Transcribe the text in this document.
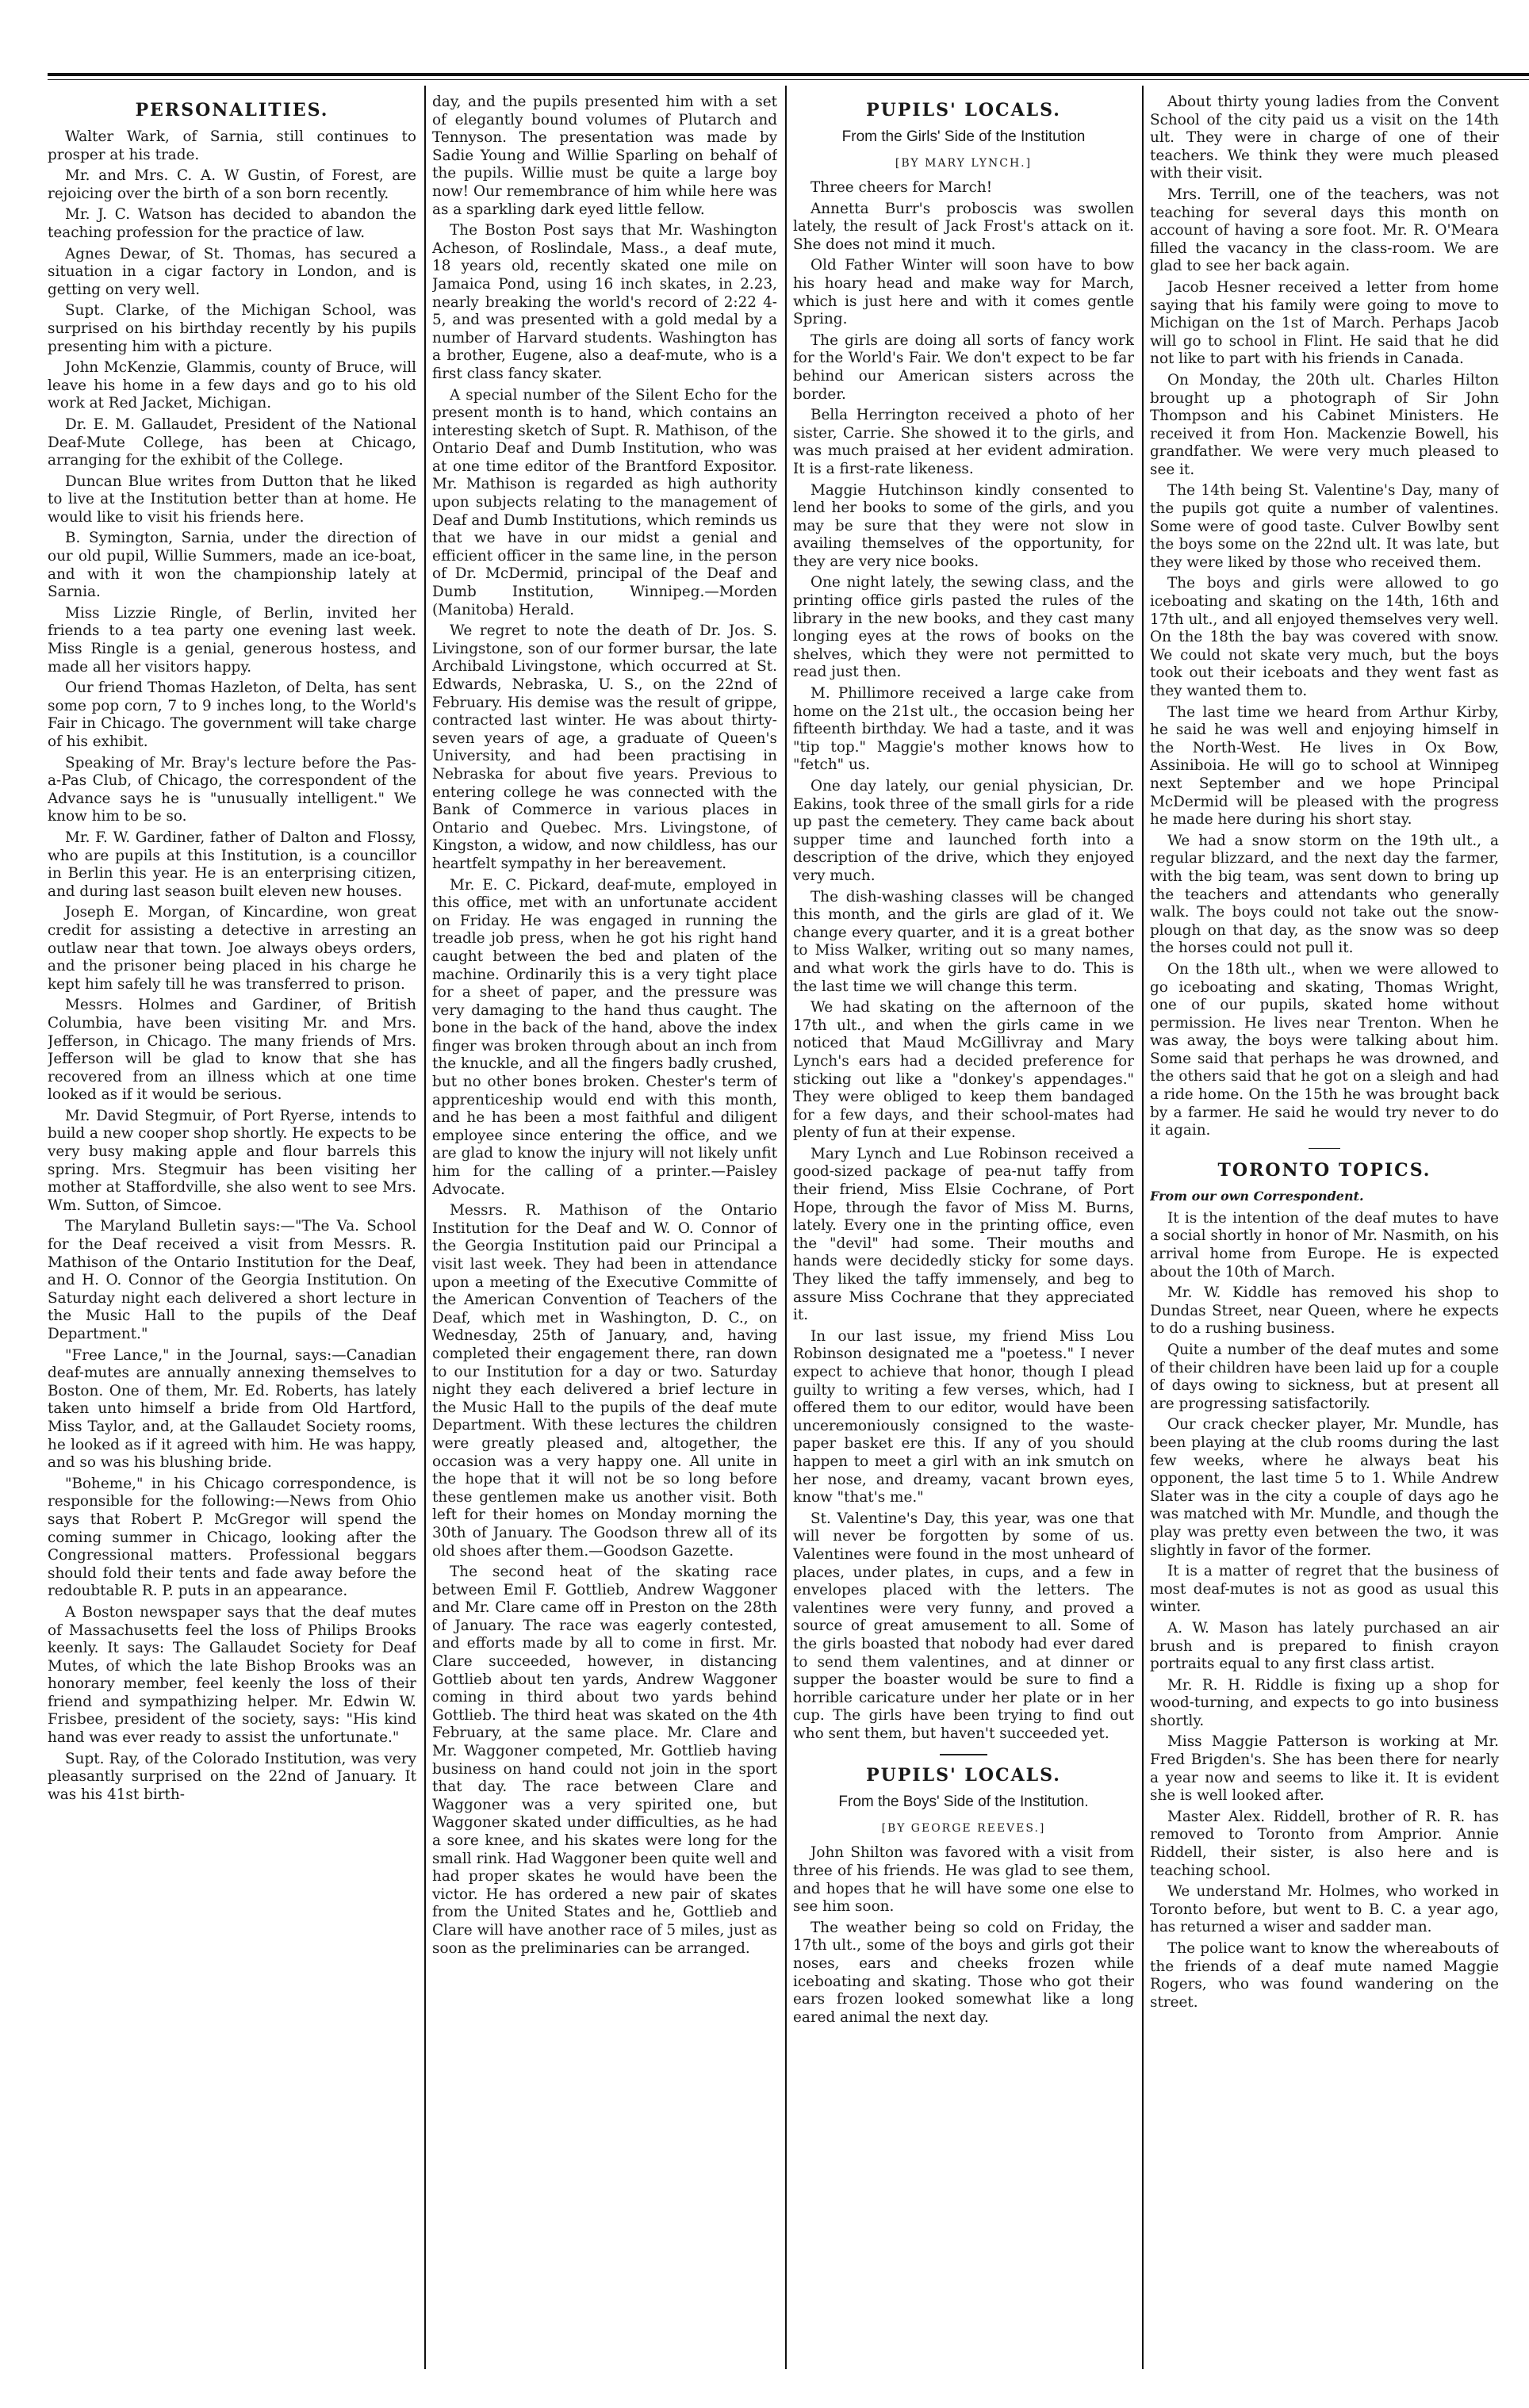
PERSONALITIES.

Walter Wark, of Sarnia, still continues to prosper at his trade.

Mr. and Mrs. C. A. W Gustin, of Forest, are rejoicing over the birth of a son born recently.

Mr. J. C. Watson has decided to abandon the teaching profession for the practice of law.

Agnes Dewar, of St. Thomas, has secured a situation in a cigar factory in London, and is getting on very well.

Supt. Clarke, of the Michigan School, was surprised on his birthday recently by his pupils presenting him with a picture.

John McKenzie, Glammis, county of Bruce, will leave his home in a few days and go to his old work at Red Jacket, Michigan.

Dr. E. M. Gallaudet, President of the National Deaf-Mute College, has been at Chicago, arranging for the exhibit of the College.

Duncan Blue writes from Dutton that he liked to live at the Institution better than at home. He would like to visit his friends here.

B. Symington, Sarnia, under the direction of our old pupil, Willie Summers, made an ice-boat, and with it won the championship lately at Sarnia.

Miss Lizzie Ringle, of Berlin, invited her friends to a tea party one evening last week. Miss Ringle is a genial, generous hostess, and made all her visitors happy.

Our friend Thomas Hazleton, of Delta, has sent some pop corn, 7 to 9 inches long, to the World's Fair in Chicago. The government will take charge of his exhibit.

Speaking of Mr. Bray's lecture before the Pas-a-Pas Club, of Chicago, the correspondent of the Advance says he is "unusually intelligent." We know him to be so.

Mr. F. W. Gardiner, father of Dalton and Flossy, who are pupils at this Institution, is a councillor in Berlin this year. He is an enterprising citizen, and during last season built eleven new houses.

Joseph E. Morgan, of Kincardine, won great credit for assisting a detective in arresting an outlaw near that town. Joe always obeys orders, and the prisoner being placed in his charge he kept him safely till he was transferred to prison.

Messrs. Holmes and Gardiner, of British Columbia, have been visiting Mr. and Mrs. Jefferson, in Chicago. The many friends of Mrs. Jefferson will be glad to know that she has recovered from an illness which at one time looked as if it would be serious.

Mr. David Stegmuir, of Port Ryerse, intends to build a new cooper shop shortly. He expects to be very busy making apple and flour barrels this spring. Mrs. Stegmuir has been visiting her mother at Staffordville, she also went to see Mrs. Wm. Sutton, of Simcoe.

The Maryland Bulletin says:—"The Va. School for the Deaf received a visit from Messrs. R. Mathison of the Ontario Institution for the Deaf, and H. O. Connor of the Georgia Institution. On Saturday night each delivered a short lecture in the Music Hall to the pupils of the Deaf Department."

"Free Lance," in the Journal, says:—Canadian deaf-mutes are annually annexing themselves to Boston. One of them, Mr. Ed. Roberts, has lately taken unto himself a bride from Old Hartford, Miss Taylor, and, at the Gallaudet Society rooms, he looked as if it agreed with him. He was happy, and so was his blushing bride.

"Boheme," in his Chicago correspondence, is responsible for the following:—News from Ohio says that Robert P. McGregor will spend the coming summer in Chicago, looking after the Congressional matters. Professional beggars should fold their tents and fade away before the redoubtable R. P. puts in an appearance.

A Boston newspaper says that the deaf mutes of Massachusetts feel the loss of Philips Brooks keenly. It says: The Gallaudet Society for Deaf Mutes, of which the late Bishop Brooks was an honorary member, feel keenly the loss of their friend and sympathizing helper. Mr. Edwin W. Frisbee, president of the society, says: "His kind hand was ever ready to assist the unfortunate."

Supt. Ray, of the Colorado Institution, was very pleasantly surprised on the 22nd of January. It was his 41st birth-

day, and the pupils presented him with a set of elegantly bound volumes of Plutarch and Tennyson. The presentation was made by Sadie Young and Willie Sparling on behalf of the pupils. Willie must be quite a large boy now! Our remembrance of him while here was as a sparkling dark eyed little fellow.

The Boston Post says that Mr. Washington Acheson, of Roslindale, Mass., a deaf mute, 18 years old, recently skated one mile on Jamaica Pond, using 16 inch skates, in 2.23, nearly breaking the world's record of 2:22 4-5, and was presented with a gold medal by a number of Harvard students. Washington has a brother, Eugene, also a deaf-mute, who is a first class fancy skater.

A special number of the Silent Echo for the present month is to hand, which contains an interesting sketch of Supt. R. Mathison, of the Ontario Deaf and Dumb Institution, who was at one time editor of the Brantford Expositor. Mr. Mathison is regarded as high authority upon subjects relating to the management of Deaf and Dumb Institutions, which reminds us that we have in our midst a genial and efficient officer in the same line, in the person of Dr. McDermid, principal of the Deaf and Dumb Institution, Winnipeg.—Morden (Manitoba) Herald.

We regret to note the death of Dr. Jos. S. Livingstone, son of our former bursar, the late Archibald Livingstone, which occurred at St. Edwards, Nebraska, U. S., on the 22nd of February. His demise was the result of grippe, contracted last winter. He was about thirty-seven years of age, a graduate of Queen's University, and had been practising in Nebraska for about five years. Previous to entering college he was connected with the Bank of Commerce in various places in Ontario and Quebec. Mrs. Livingstone, of Kingston, a widow, and now childless, has our heartfelt sympathy in her bereavement.

Mr. E. C. Pickard, deaf-mute, employed in this office, met with an unfortunate accident on Friday. He was engaged in running the treadle job press, when he got his right hand caught between the bed and platen of the machine. Ordinarily this is a very tight place for a sheet of paper, and the pressure was very damaging to the hand thus caught. The bone in the back of the hand, above the index finger was broken through about an inch from the knuckle, and all the fingers badly crushed, but no other bones broken. Chester's term of apprenticeship would end with this month, and he has been a most faithful and diligent employee since entering the office, and we are glad to know the injury will not likely unfit him for the calling of a printer.—Paisley Advocate.

Messrs. R. Mathison of the Ontario Institution for the Deaf and W. O. Connor of the Georgia Institution paid our Principal a visit last week. They had been in attendance upon a meeting of the Executive Committe of the American Convention of Teachers of the Deaf, which met in Washington, D. C., on Wednesday, 25th of January, and, having completed their engagement there, ran down to our Institution for a day or two. Saturday night they each delivered a brief lecture in the Music Hall to the pupils of the deaf mute Department. With these lectures the children were greatly pleased and, altogether, the occasion was a very happy one. All unite in the hope that it will not be so long before these gentlemen make us another visit. Both left for their homes on Monday morning the 30th of January. The Goodson threw all of its old shoes after them.—Goodson Gazette.

The second heat of the skating race between Emil F. Gottlieb, Andrew Waggoner and Mr. Clare came off in Preston on the 28th of January. The race was eagerly contested, and efforts made by all to come in first. Mr. Clare succeeded, however, in distancing Gottlieb about ten yards, Andrew Waggoner coming in third about two yards behind Gottlieb. The third heat was skated on the 4th February, at the same place. Mr. Clare and Mr. Waggoner competed, Mr. Gottlieb having business on hand could not join in the sport that day. The race between Clare and Waggoner was a very spirited one, but Waggoner skated under difficulties, as he had a sore knee, and his skates were long for the small rink. Had Waggoner been quite well and had proper skates he would have been the victor. He has ordered a new pair of skates from the United States and he, Gottlieb and Clare will have another race of 5 miles, just as soon as the preliminaries can be arranged.

PUPILS' LOCALS.
From the Girls' Side of the Institution
[BY MARY LYNCH.]

Three cheers for March!

Annetta Burr's proboscis was swollen lately, the result of Jack Frost's attack on it. She does not mind it much.

Old Father Winter will soon have to bow his hoary head and make way for March, which is just here and with it comes gentle Spring.

The girls are doing all sorts of fancy work for the World's Fair. We don't expect to be far behind our American sisters across the border.

Bella Herrington received a photo of her sister, Carrie. She showed it to the girls, and was much praised at her evident admiration. It is a first-rate likeness.

Maggie Hutchinson kindly consented to lend her books to some of the girls, and you may be sure that they were not slow in availing themselves of the opportunity, for they are very nice books.

One night lately, the sewing class, and the printing office girls pasted the rules of the library in the new books, and they cast many longing eyes at the rows of books on the shelves, which they were not permitted to read just then.

M. Phillimore received a large cake from home on the 21st ult., the occasion being her fifteenth birthday. We had a taste, and it was "tip top." Maggie's mother knows how to "fetch" us.

One day lately, our genial physician, Dr. Eakins, took three of the small girls for a ride up past the cemetery. They came back about supper time and launched forth into a description of the drive, which they enjoyed very much.

The dish-washing classes will be changed this month, and the girls are glad of it. We change every quarter, and it is a great bother to Miss Walker, writing out so many names, and what work the girls have to do. This is the last time we will change this term.

We had skating on the afternoon of the 17th ult., and when the girls came in we noticed that Maud McGillivray and Mary Lynch's ears had a decided preference for sticking out like a "donkey's appendages." They were obliged to keep them bandaged for a few days, and their school-mates had plenty of fun at their expense.

Mary Lynch and Lue Robinson received a good-sized package of pea-nut taffy from their friend, Miss Elsie Cochrane, of Port Hope, through the favor of Miss M. Burns, lately. Every one in the printing office, even the "devil" had some. Their mouths and hands were decidedly sticky for some days. They liked the taffy immensely, and beg to assure Miss Cochrane that they appreciated it.

In our last issue, my friend Miss Lou Robinson designated me a "poetess." I never expect to achieve that honor, though I plead guilty to writing a few verses, which, had I offered them to our editor, would have been unceremoniously consigned to the waste-paper basket ere this. If any of you should happen to meet a girl with an ink smutch on her nose, and dreamy, vacant brown eyes, know "that's me."

St. Valentine's Day, this year, was one that will never be forgotten by some of us. Valentines were found in the most unheard of places, under plates, in cups, and a few in envelopes placed with the letters. The valentines were very funny, and proved a source of great amusement to all. Some of the girls boasted that nobody had ever dared to send them valentines, and at dinner or supper the boaster would be sure to find a horrible caricature under her plate or in her cup. The girls have been trying to find out who sent them, but haven't succeeded yet.

PUPILS' LOCALS.
From the Boys' Side of the Institution.
[BY GEORGE REEVES.]

John Shilton was favored with a visit from three of his friends. He was glad to see them, and hopes that he will have some one else to see him soon.

The weather being so cold on Friday, the 17th ult., some of the boys and girls got their noses, ears and cheeks frozen while iceboating and skating. Those who got their ears frozen looked somewhat like a long eared animal the next day.

About thirty young ladies from the Convent School of the city paid us a visit on the 14th ult. They were in charge of one of their teachers. We think they were much pleased with their visit.

Mrs. Terrill, one of the teachers, was not teaching for several days this month on account of having a sore foot. Mr. R. O'Meara filled the vacancy in the class-room. We are glad to see her back again.

Jacob Hesner received a letter from home saying that his family were going to move to Michigan on the 1st of March. Perhaps Jacob will go to school in Flint. He said that he did not like to part with his friends in Canada.

On Monday, the 20th ult. Charles Hilton brought up a photograph of Sir John Thompson and his Cabinet Ministers. He received it from Hon. Mackenzie Bowell, his grandfather. We were very much pleased to see it.

The 14th being St. Valentine's Day, many of the pupils got quite a number of valentines. Some were of good taste. Culver Bowlby sent the boys some on the 22nd ult. It was late, but they were liked by those who received them.

The boys and girls were allowed to go iceboating and skating on the 14th, 16th and 17th ult., and all enjoyed themselves very well. On the 18th the bay was covered with snow. We could not skate very much, but the boys took out their iceboats and they went fast as they wanted them to.

The last time we heard from Arthur Kirby, he said he was well and enjoying himself in the North-West. He lives in Ox Bow, Assiniboia. He will go to school at Winnipeg next September and we hope Principal McDermid will be pleased with the progress he made here during his short stay.

We had a snow storm on the 19th ult., a regular blizzard, and the next day the farmer, with the big team, was sent down to bring up the teachers and attendants who generally walk. The boys could not take out the snow-plough on that day, as the snow was so deep the horses could not pull it.

On the 18th ult., when we were allowed to go iceboating and skating, Thomas Wright, one of our pupils, skated home without permission. He lives near Trenton. When he was away, the boys were talking about him. Some said that perhaps he was drowned, and the others said that he got on a sleigh and had a ride home. On the 15th he was brought back by a farmer. He said he would try never to do it again.

TORONTO TOPICS.
From our own Correspondent.

It is the intention of the deaf mutes to have a social shortly in honor of Mr. Nasmith, on his arrival home from Europe. He is expected about the 10th of March.

Mr. W. Kiddle has removed his shop to Dundas Street, near Queen, where he expects to do a rushing business.

Quite a number of the deaf mutes and some of their children have been laid up for a couple of days owing to sickness, but at present all are progressing satisfactorily.

Our crack checker player, Mr. Mundle, has been playing at the club rooms during the last few weeks, where he always beat his opponent, the last time 5 to 1. While Andrew Slater was in the city a couple of days ago he was matched with Mr. Mundle, and though the play was pretty even between the two, it was slightly in favor of the former.

It is a matter of regret that the business of most deaf-mutes is not as good as usual this winter.

A. W. Mason has lately purchased an air brush and is prepared to finish crayon portraits equal to any first class artist.

Mr. R. H. Riddle is fixing up a shop for wood-turning, and expects to go into business shortly.

Miss Maggie Patterson is working at Mr. Fred Brigden's. She has been there for nearly a year now and seems to like it. It is evident she is well looked after.

Master Alex. Riddell, brother of R. R. has removed to Toronto from Amprior. Annie Riddell, their sister, is also here and is teaching school.

We understand Mr. Holmes, who worked in Toronto before, but went to B. C. a year ago, has returned a wiser and sadder man.

The police want to know the whereabouts of the friends of a deaf mute named Maggie Rogers, who was found wandering on the street.
